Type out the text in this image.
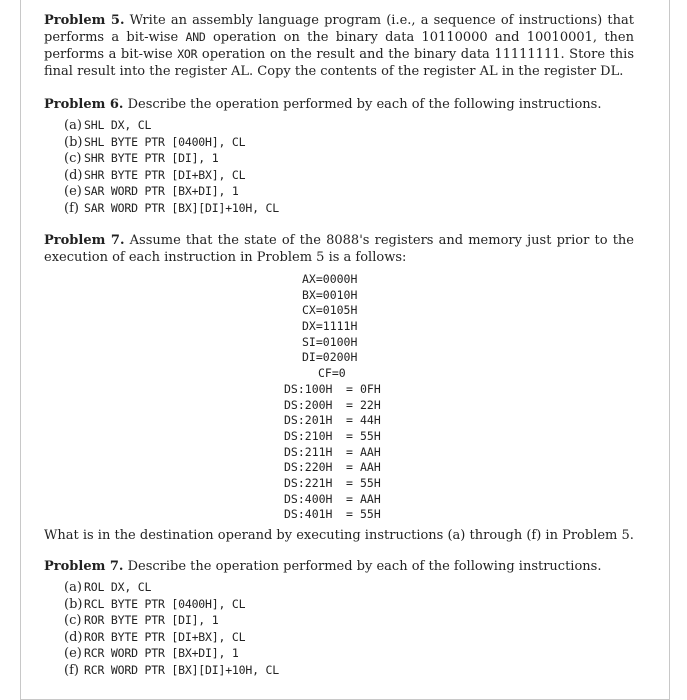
Problem 5. Write an assembly language program (i.e., a sequence of instructions) that performs a bit-wise AND operation on the binary data 10110000 and 10010001, then performs a bit-wise XOR operation on the result and the binary data 11111111. Store this final result into the register AL. Copy the contents of the register AL in the register DL.

Problem 6. Describe the operation performed by each of the following instructions.

(a) SHL DX, CL
(b) SHL BYTE PTR [0400H], CL
(c) SHR BYTE PTR [DI], 1
(d) SHR BYTE PTR [DI+BX], CL
(e) SAR WORD PTR [BX+DI], 1
(f) SAR WORD PTR [BX][DI]+10H, CL

Problem 7. Assume that the state of the 8088's registers and memory just prior to the execution of each instruction in Problem 5 is a follows:

AX=0000H
BX=0010H
CX=0105H
DX=1111H
SI=0100H
DI=0200H
CF=0
DS:100H = 0FH
DS:200H = 22H
DS:201H = 44H
DS:210H = 55H
DS:211H = AAH
DS:220H = AAH
DS:221H = 55H
DS:400H = AAH
DS:401H = 55H

What is in the destination operand by executing instructions (a) through (f) in Problem 5.

Problem 7. Describe the operation performed by each of the following instructions.

(a) ROL DX, CL
(b) RCL BYTE PTR [0400H], CL
(c) ROR BYTE PTR [DI], 1
(d) ROR BYTE PTR [DI+BX], CL
(e) RCR WORD PTR [BX+DI], 1
(f) RCR WORD PTR [BX][DI]+10H, CL
